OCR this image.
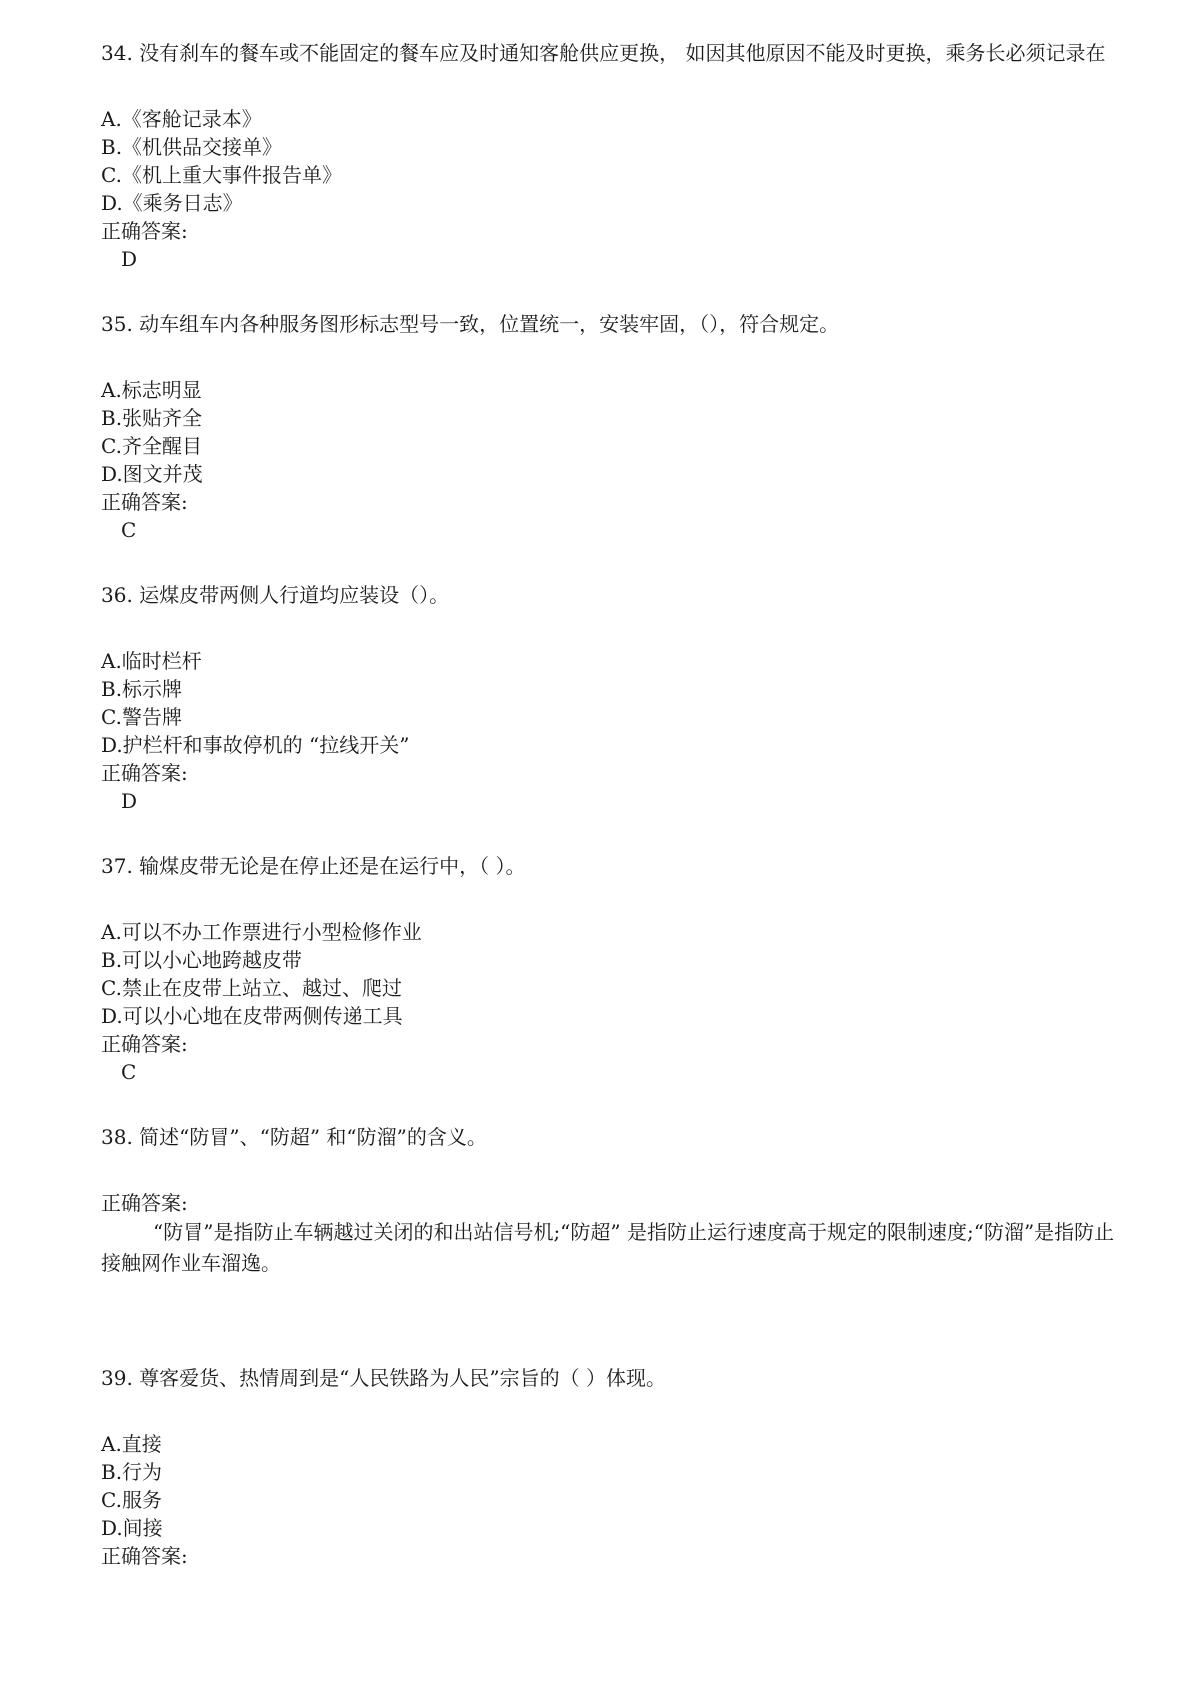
34. 没有刹车的餐车或不能固定的餐车应及时通知客舱供应更换， 如因其他原因不能及时更换，乘务长必须记录在

A.《客舱记录本》

B.《机供品交接单》

C.《机上重大事件报告单》

D.《乘务日志》

正确答案:

D

35. 动车组车内各种服务图形标志型号一致，位置统一，安装牢固，（），符合规定。

A.标志明显

B.张贴齐全

C.齐全醒目

D.图文并茂

正确答案:

C

36. 运煤皮带两侧人行道均应装设（）。

A.临时栏杆

B.标示牌

C.警告牌

D.护栏杆和事故停机的 “拉线开关”

正确答案:

D

37. 输煤皮带无论是在停止还是在运行中，（ ）。

A.可以不办工作票进行小型检修作业

B.可以小心地跨越皮带

C.禁止在皮带上站立、越过、爬过

D.可以小心地在皮带两侧传递工具

正确答案:

C

38. 简述“防冒”、“防超” 和“防溜”的含义。

正确答案:

“防冒”是指防止车辆越过关闭的和出站信号机;“防超” 是指防止运行速度高于规定的限制速度;“防溜”是指防止接触网作业车溜逸。

39. 尊客爱货、热情周到是“人民铁路为人民”宗旨的（ ）体现。

A.直接

B.行为

C.服务

D.间接

正确答案:
